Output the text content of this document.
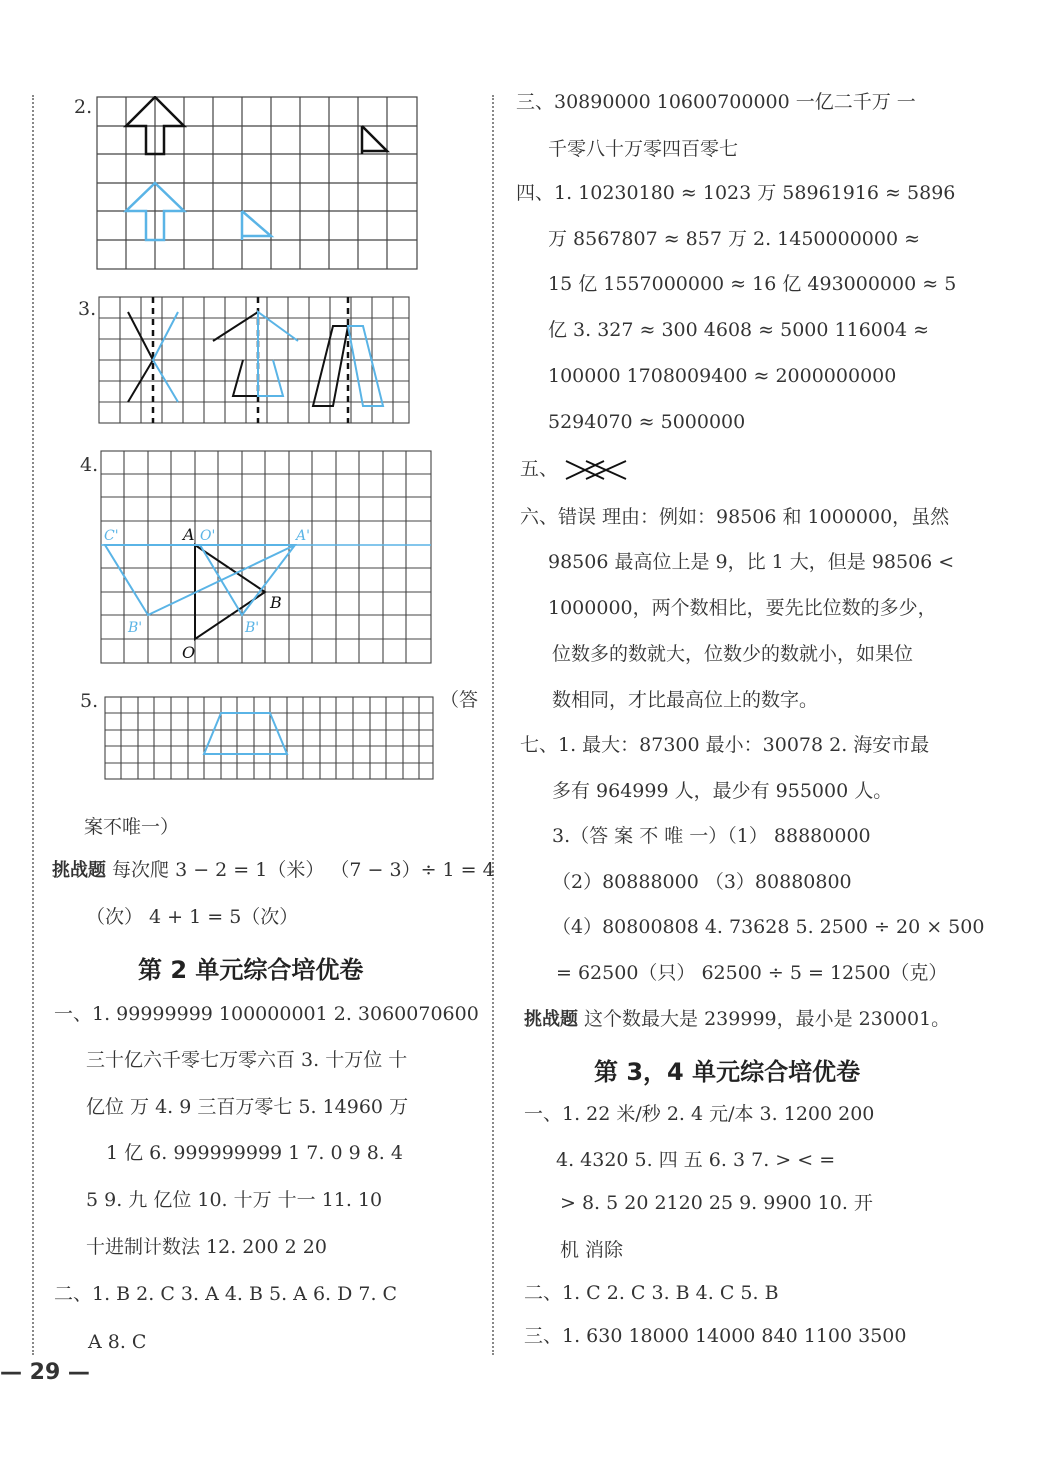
2.
3.
4.
A
B
O
O'
C'	A'
B'	B'
5.	（答
案不唯一）
挑战题 每次爬 3 − 2 = 1（米） （7 − 3）÷ 1 = 4
（次） 4 + 1 = 5（次）
第 2 单元综合培优卷
一、1. 99999999 100000001 2. 3060070600
三十亿六千零七万零六百 3. 十万位 十
亿位 万 4. 9 三百万零七 5. 14960 万
1 亿 6. 999999999 1 7. 0 9 8. 4
5 9. 九 亿位 10. 十万 十一 11. 10
十进制计数法 12. 200 2 20
二、1. B 2. C 3. A 4. B 5. A 6. D 7. C
A 8. C
三、30890000 10600700000 一亿二千万 一
千零八十万零四百零七
四、1. 10230180 ≈ 1023 万 58961916 ≈ 5896
万 8567807 ≈ 857 万 2. 1450000000 ≈
15 亿 1557000000 ≈ 16 亿 493000000 ≈ 5
亿 3. 327 ≈ 300 4608 ≈ 5000 116004 ≈
100000 1708009400 ≈ 2000000000
5294070 ≈ 5000000
五、
六、错误 理由：例如：98506 和 1000000，虽然
98506 最高位上是 9，比 1 大，但是 98506 <
1000000，两个数相比，要先比位数的多少，
位数多的数就大，位数少的数就小，如果位
数相同，才比最高位上的数字。
七、1. 最大：87300 最小：30078 2. 海安市最
多有 964999 人，最少有 955000 人。
3.（答 案 不 唯 一）（1） 88880000
（2）80888000 （3）80880800
（4）80800808 4. 73628 5. 2500 ÷ 20 × 500
= 62500（只） 62500 ÷ 5 = 12500（克）
挑战题 这个数最大是 239999，最小是 230001。
第 3，4 单元综合培优卷
一、1. 22 米/秒 2. 4 元/本 3. 1200 200
4. 4320 5. 四 五 6. 3 7. > < =
> 8. 5 20 2120 25 9. 9900 10. 开
机 消除
二、1. C 2. C 3. B 4. C 5. B
三、1. 630 18000 14000 840 1100 3500
— 29 —
